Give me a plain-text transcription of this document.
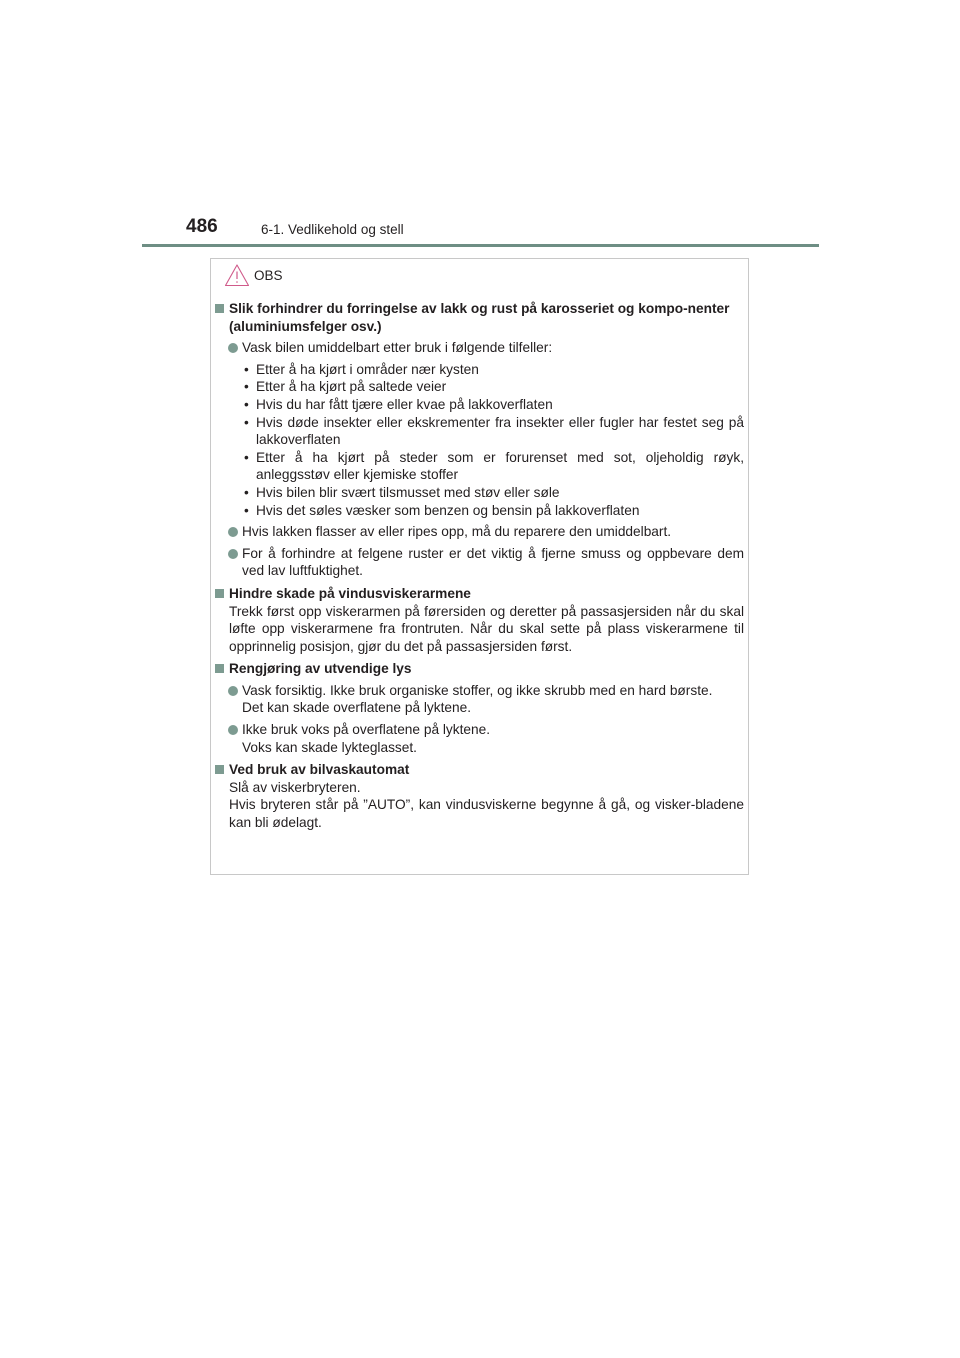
486	6-1. Vedlikehold og stell
OBS
Slik forhindrer du forringelse av lakk og rust på karosseriet og kompo-nenter (aluminiumsfelger osv.)
Vask bilen umiddelbart etter bruk i følgende tilfeller:
• Etter å ha kjørt i områder nær kysten
• Etter å ha kjørt på saltede veier
• Hvis du har fått tjære eller kvae på lakkoverflaten
• Hvis døde insekter eller ekskrementer fra insekter eller fugler har festet seg på lakkoverflaten
• Etter å ha kjørt på steder som er forurenset med sot, oljeholdig røyk, anleggsstøv eller kjemiske stoffer
• Hvis bilen blir svært tilsmusset med støv eller søle
• Hvis det søles væsker som benzen og bensin på lakkoverflaten
Hvis lakken flasser av eller ripes opp, må du reparere den umiddelbart.
For å forhindre at felgene ruster er det viktig å fjerne smuss og oppbevare dem ved lav luftfuktighet.
Hindre skade på vindusviskerarmene
Trekk først opp viskerarmen på førersiden og deretter på passasjersiden når du skal løfte opp viskerarmene fra frontruten. Når du skal sette på plass viskerarmene til opprinnelig posisjon, gjør du det på passasjersiden først.
Rengjøring av utvendige lys
Vask forsiktig. Ikke bruk organiske stoffer, og ikke skrubb med en hard børste.
Det kan skade overflatene på lyktene.
Ikke bruk voks på overflatene på lyktene.
Voks kan skade lykteglasset.
Ved bruk av bilvaskautomat
Slå av viskerbryteren.
Hvis bryteren står på ”AUTO”, kan vindusviskerne begynne å gå, og visker-bladene kan bli ødelagt.
